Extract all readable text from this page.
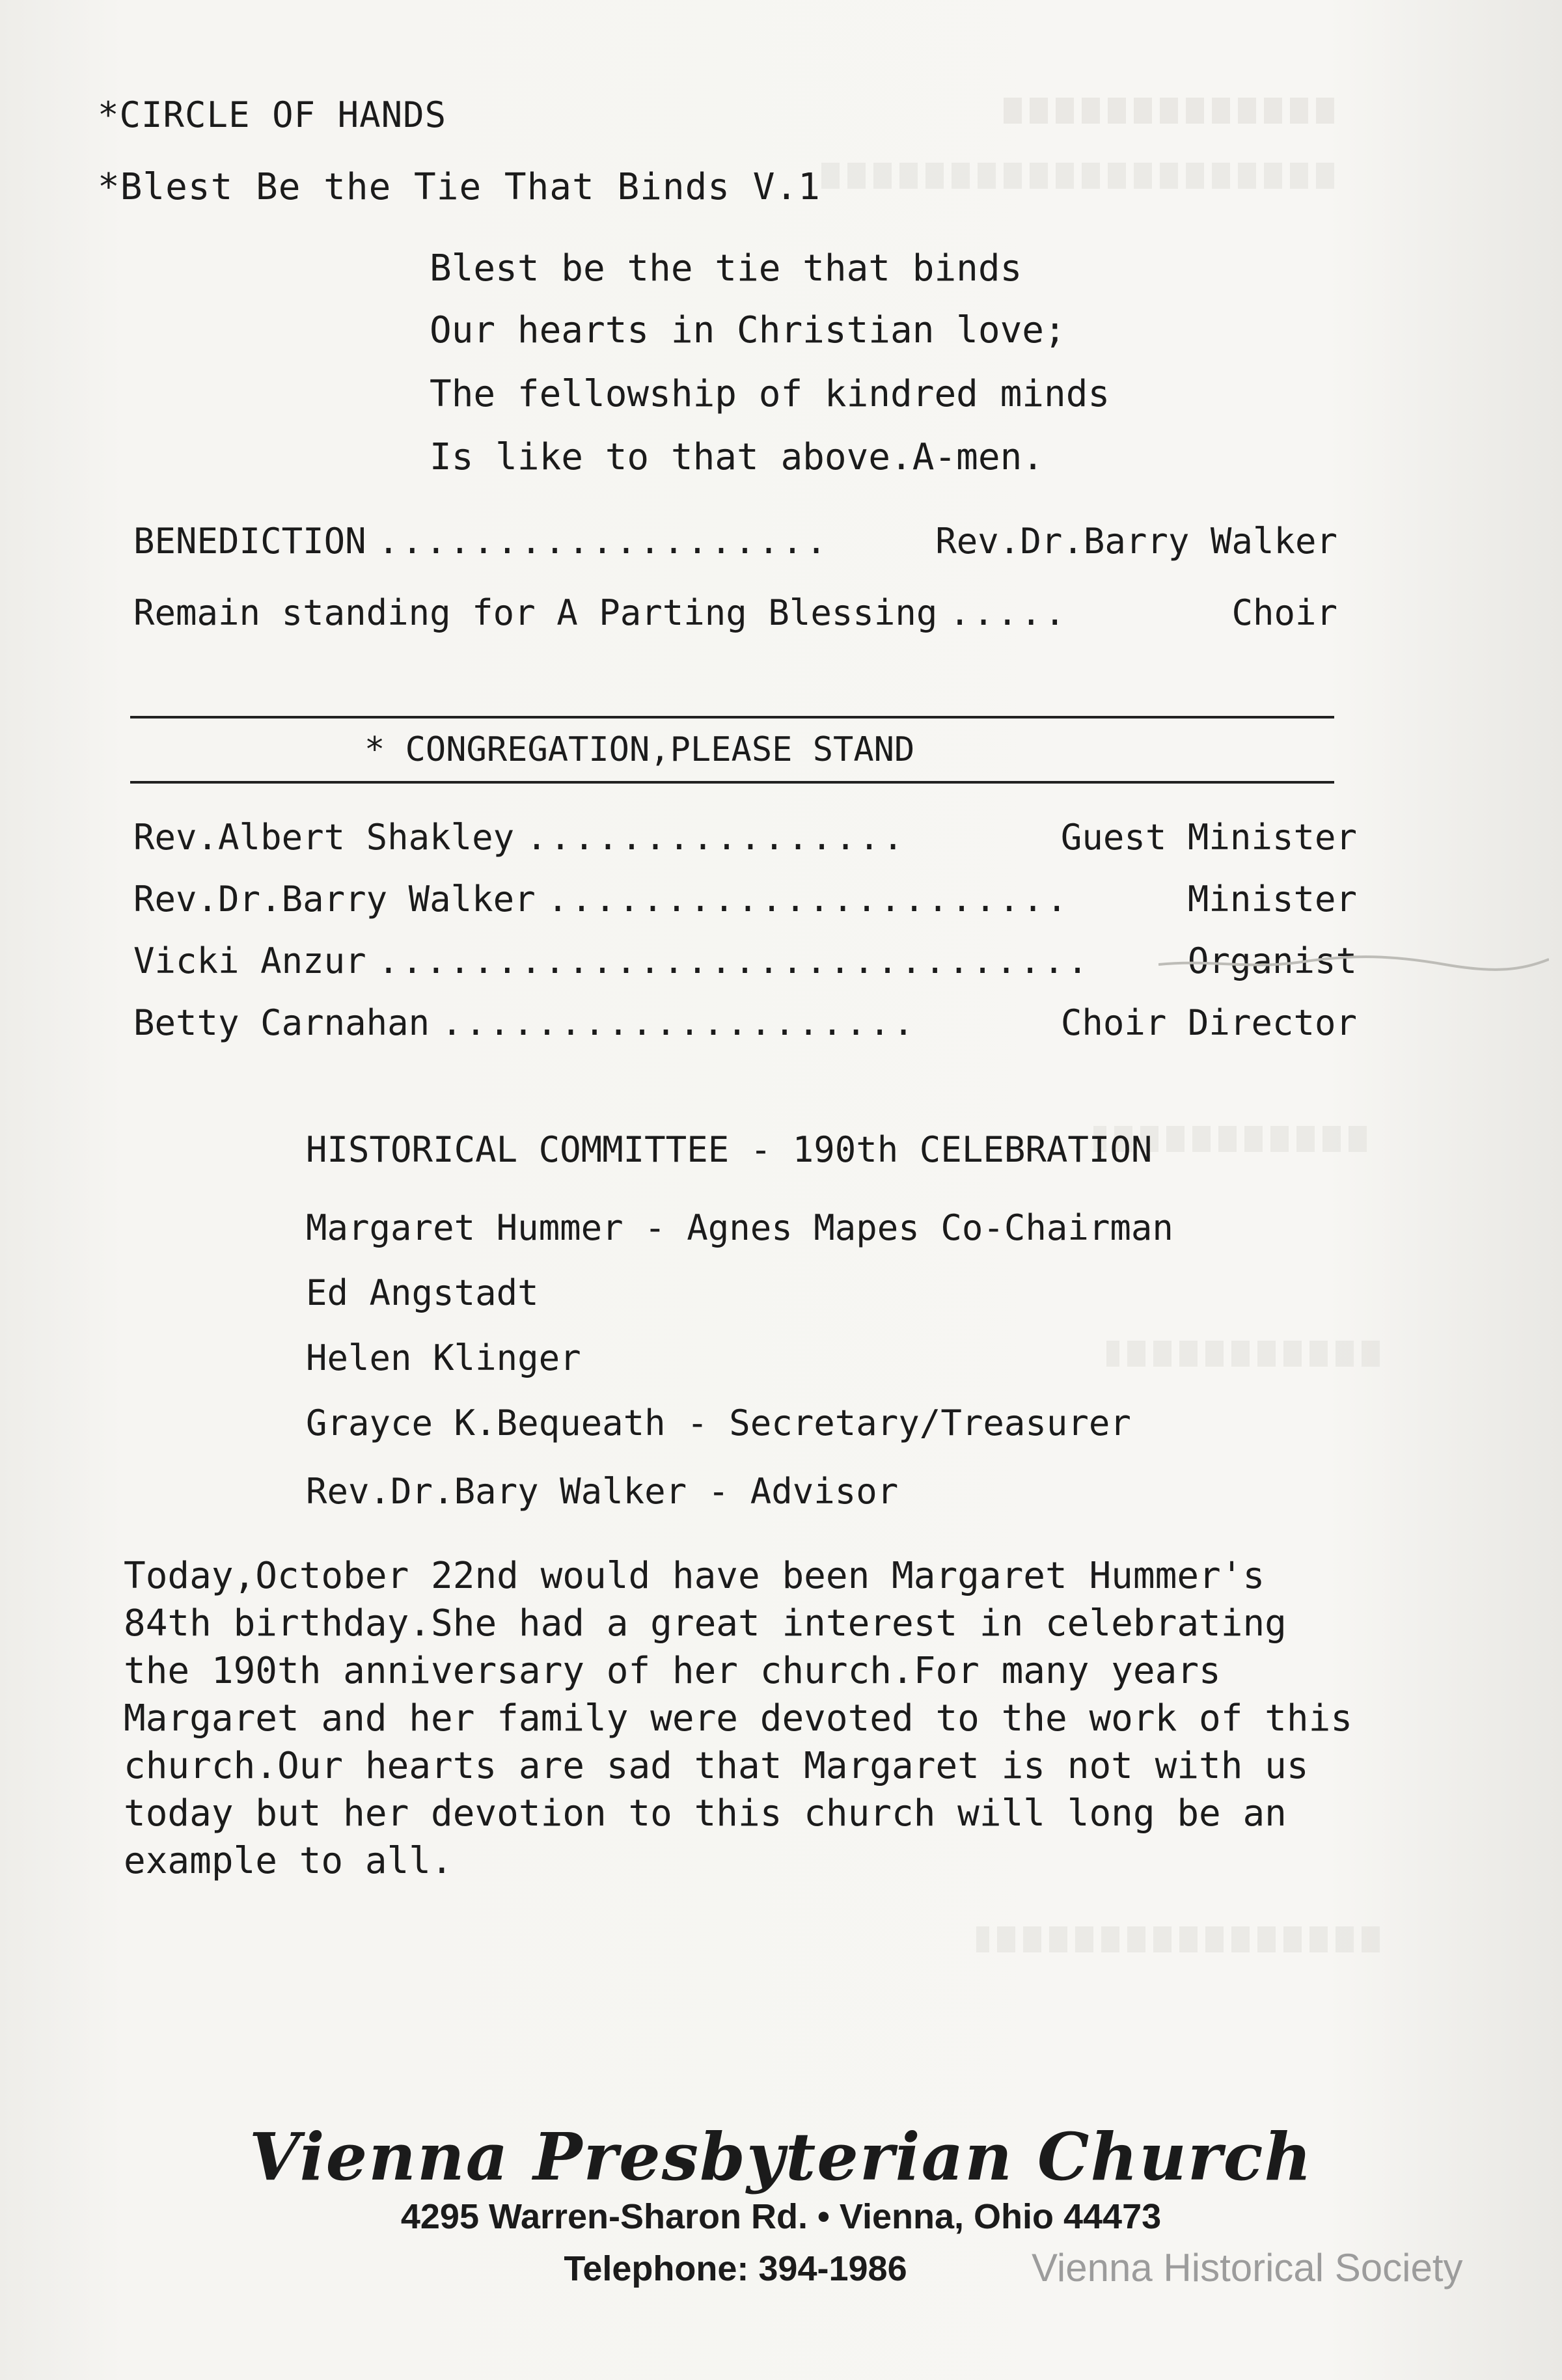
*CIRCLE OF HANDS
*Blest Be the Tie That Binds V.1
Blest be the tie that binds
Our hearts in Christian love;
The fellowship of kindred minds
Is like to that above.A-men.
BENEDICTION ...................	Rev.Dr.Barry Walker
Remain standing for A Parting Blessing .....	Choir
* CONGREGATION,PLEASE STAND
Rev.Albert Shakley ................	Guest Minister
Rev.Dr.Barry Walker ......................	Minister
Vicki Anzur ..............................	Organist
Betty Carnahan ....................	Choir Director
HISTORICAL COMMITTEE - 190th CELEBRATION
Margaret Hummer - Agnes Mapes Co-Chairman
Ed Angstadt
Helen Klinger
Grayce K.Bequeath - Secretary/Treasurer
Rev.Dr.Bary Walker - Advisor
Today,October 22nd would have been Margaret Hummer's
84th birthday.She had a great interest in celebrating
the 190th anniversary of her church.For many years
Margaret and her family were devoted to the work of this
church.Our hearts are sad that Margaret is not with us
today but her devotion to this church will long be an
example to all.
Vienna Presbyterian Church
4295 Warren-Sharon Rd. • Vienna, Ohio 44473
Telephone: 394-1986	Vienna Historical Society
